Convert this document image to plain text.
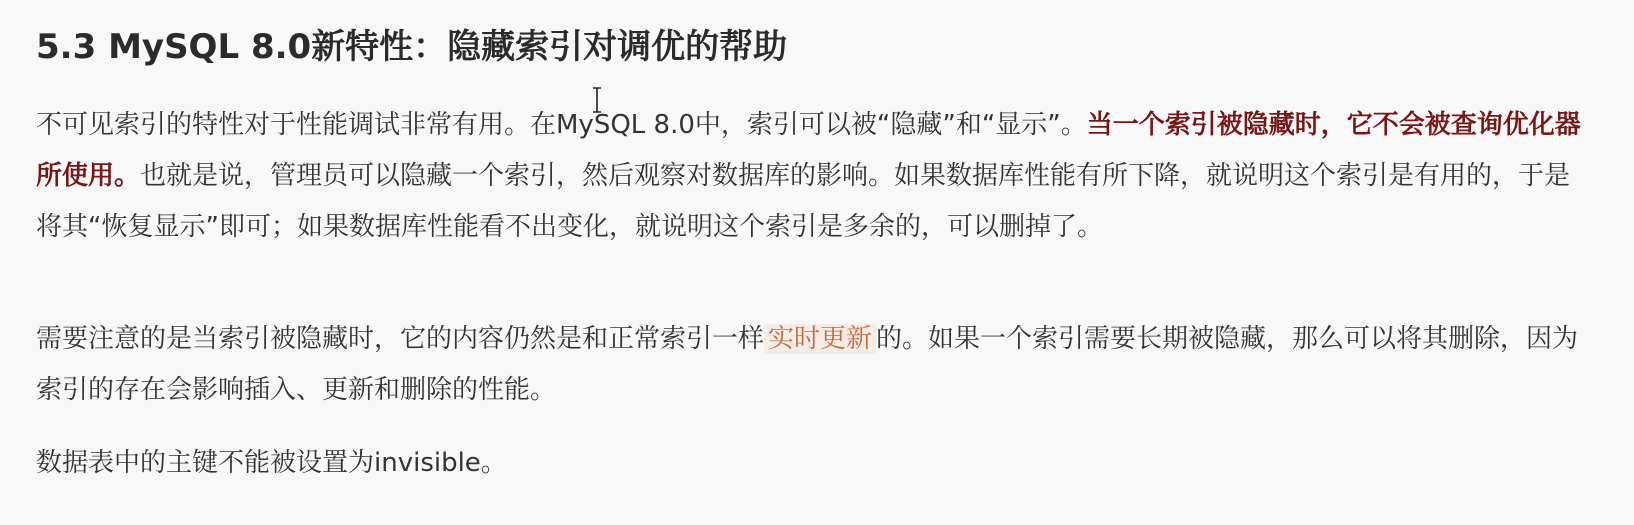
5.3 MySQL 8.0新特性：隐藏索引对调优的帮助

不可见索引的特性对于性能调试非常有用。在MySQL 8.0中，索引可以被“隐藏”和“显示”。当一个索引被隐藏时，它不会被查询优化器所使用。也就是说，管理员可以隐藏一个索引，然后观察对数据库的影响。如果数据库性能有所下降，就说明这个索引是有用的，于是将其“恢复显示”即可；如果数据库性能看不出变化，就说明这个索引是多余的，可以删掉了。

需要注意的是当索引被隐藏时，它的内容仍然是和正常索引一样 实时更新 的。如果一个索引需要长期被隐藏，那么可以将其删除，因为索引的存在会影响插入、更新和删除的性能。

数据表中的主键不能被设置为invisible。
